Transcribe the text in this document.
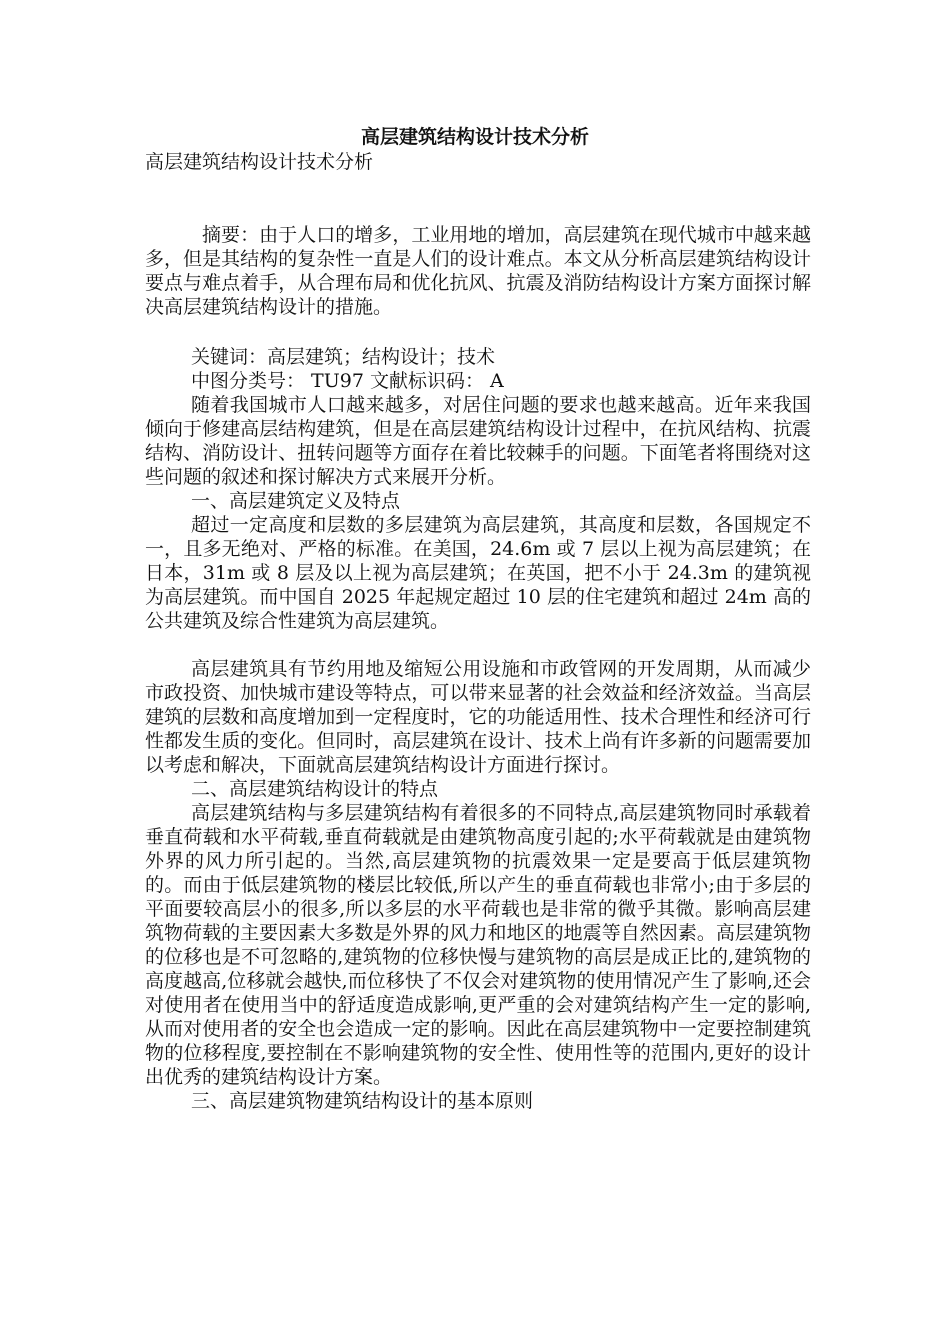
高层建筑结构设计技术分析

高层建筑结构设计技术分析

摘要：由于人口的增多，工业用地的增加，高层建筑在现代城市中越来越多，但是其结构的复杂性一直是人们的设计难点。本文从分析高层建筑结构设计要点与难点着手，从合理布局和优化抗风、抗震及消防结构设计方案方面探讨解决高层建筑结构设计的措施。

关键词：高层建筑；结构设计；技术

中图分类号： TU97 文献标识码： A

随着我国城市人口越来越多，对居住问题的要求也越来越高。近年来我国倾向于修建高层结构建筑，但是在高层建筑结构设计过程中，在抗风结构、抗震结构、消防设计、扭转问题等方面存在着比较棘手的问题。下面笔者将围绕对这些问题的叙述和探讨解决方式来展开分析。

一、高层建筑定义及特点

超过一定高度和层数的多层建筑为高层建筑，其高度和层数，各国规定不一，且多无绝对、严格的标准。在美国，24.6m 或 7 层以上视为高层建筑；在日本，31m 或 8 层及以上视为高层建筑；在英国，把不小于 24.3m 的建筑视为高层建筑。而中国自 2025 年起规定超过 10 层的住宅建筑和超过 24m 高的公共建筑及综合性建筑为高层建筑。

高层建筑具有节约用地及缩短公用设施和市政管网的开发周期，从而减少市政投资、加快城市建设等特点，可以带来显著的社会效益和经济效益。当高层建筑的层数和高度增加到一定程度时，它的功能适用性、技术合理性和经济可行性都发生质的变化。但同时，高层建筑在设计、技术上尚有许多新的问题需要加以考虑和解决，下面就高层建筑结构设计方面进行探讨。

二、高层建筑结构设计的特点

高层建筑结构与多层建筑结构有着很多的不同特点,高层建筑物同时承载着垂直荷载和水平荷载,垂直荷载就是由建筑物高度引起的;水平荷载就是由建筑物外界的风力所引起的。当然,高层建筑物的抗震效果一定是要高于低层建筑物的。而由于低层建筑物的楼层比较低,所以产生的垂直荷载也非常小;由于多层的平面要较高层小的很多,所以多层的水平荷载也是非常的微乎其微。影响高层建筑物荷载的主要因素大多数是外界的风力和地区的地震等自然因素。高层建筑物的位移也是不可忽略的,建筑物的位移快慢与建筑物的高层是成正比的,建筑物的高度越高,位移就会越快,而位移快了不仅会对建筑物的使用情况产生了影响,还会对使用者在使用当中的舒适度造成影响,更严重的会对建筑结构产生一定的影响,从而对使用者的安全也会造成一定的影响。因此在高层建筑物中一定要控制建筑物的位移程度,要控制在不影响建筑物的安全性、使用性等的范围内,更好的设计出优秀的建筑结构设计方案。

三、高层建筑物建筑结构设计的基本原则
